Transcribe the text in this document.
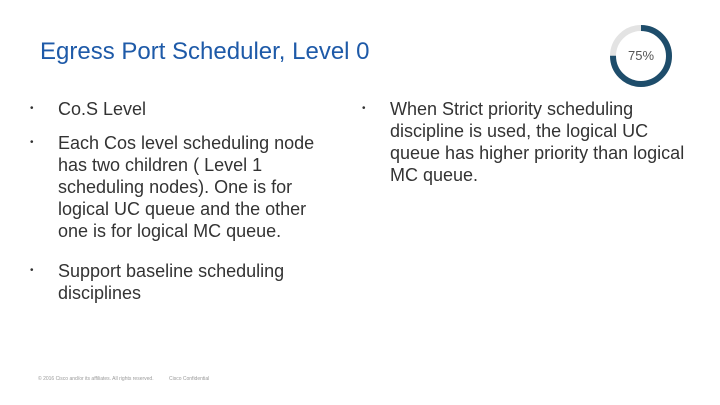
Egress Port Scheduler, Level 0	75%
• Co.S Level
• Each Cos level scheduling node has two children ( Level 1 scheduling nodes). One is for logical UC queue and the other one is for logical MC queue.
• Support baseline scheduling disciplines
• When Strict priority scheduling discipline is used, the logical UC queue has higher priority than logical MC queue.
© 2016 Cisco and/or its affiliates. All rights reserved.	Cisco Confidential
